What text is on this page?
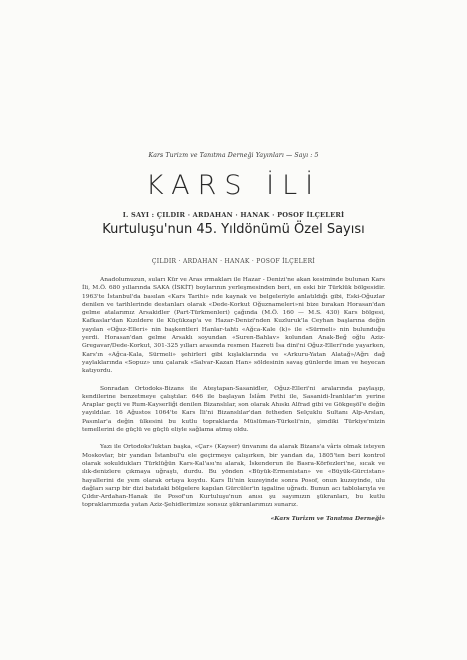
Kars Turizm ve Tanıtma Derneği Yayınları — Sayı : 5
KARS İLİ
I. SAYI : ÇILDIR · ARDAHAN · HANAK · POSOF İLÇELERİ
Kurtuluşu'nun 45. Yıldönümü Özel Sayısı
ÇILDIR · ARDAHAN · HANAK · POSOF İLÇELERİ

Anadolumuzun, suları Kür ve Aras ırmakları ile Hazar - Denizi'ne akan kesiminde bulunan Kars İli, M.Ö. 680 yıllarında SAKA (İSKİT) boylarının yerleşmesinden beri, en eski bir Türklük bölgesidir. 1963'te İstanbul'da basılan «Kars Tarihi» nde kaynak ve belgeleriyle anlatıldığı gibi, Eski-Oğuzlar denilen ve tarihlerinde destanları olarak «Dede-Korkut Oğuznameleri»ni bize bırakan Horasan'dan gelme atalarımız Arsakidler (Part-Türkmenleri) çağında (M.Ö. 160 — M.S. 430) Kars bölgesi, Kafkaslar'dan Kızıldere ile Küçükzap'a ve Hazar-Denizi'nden Kuzluruk'la Ceyhan başlarına değin yayılan «Oğuz-Elleri» nin başkentleri Hanlar-tahtı «Ağca-Kale (k)» ile «Sürmeli» nin bulunduğu yerdi. Horasan'dan gelme Arsaklı soyundan «Suren-Bahlav» kolundan Anak-Beğ oğlu Aziz-Gregavar/Dede-Korkut, 301-325 yılları arasında resmen Hazreti İsa dini'ni Oğuz-Elleri'nde yayarken, Kars'ın «Ağca-Kala, Sürmeli» şehirleri gibi kışlaklarında ve «Arkuru-Yatan Alatağ»/Ağrı dağ yaylaklarında «Sopuz» unu çalarak «Salvar-Kazan Han» söldesinin savaş günlerde iman ve heyecan katıyordu.

Sonradan Ortodoks-Bizans ile Ateştapan-Sasanidler, Oğuz-Elleri'ni aralarında paylaşıp, kendilerine benzetmeye çalıştılar. 646 ile başlayan İslâm Fethi ile, Sasanidi-İranlılar'ın yerine Araplar geçti ve Rum-Kayserliği denilen Bizanslılar, son olarak Ahıskı Alfrad gibi ve Gökgeşöl'e değin yayıldılar. 16 Ağustos 1064'te Kars İli'ni Bizanslılar'dan fetheden Selçuklu Sultanı Alp-Arslan, Pasınlar'a değin ülkesini bu kutlu topraklarda Müslüman-Türkeli'nin, şimdiki Türkiye'mizin temellerini de güçlü ve güçlü eliyle sağlama atmış oldu.

Yazı ile Ortodoks'luktan başka, «Çar» (Kayser) ünvanını da alarak Bizans'a vâris olmak isteyen Moskovlar, bir yandan İstanbul'u ele geçirmeye çalışırken, bir yandan da, 1805'ten beri kontrol olarak sokuldukları Türklüğün Kars-Kal'ası'nı alarak, İskenderun ile Basra-Körfezleri'ne, sıcak ve ılık-denizlere çıkmaya uğraştı, durdu. Bu yönden «Büyük-Ermenistan» ve «Büyük-Gürcistan» hayallerini de yem olarak ortaya koydu. Kars İli'nin kuzeyinde sonra Posof, onun kuzeyinde, ulu dağları sarıp bir dizi batıdaki bölgelere kapılan Gürcüler'in işgaline uğradı. Bunun acı tablolarıyla ve Çıldır-Ardahan-Hanak ile Posof'un Kurtuluşu'nun anısı şu sayımızın şükranları, bu kutlu topraklarımızda yatan Aziz-Şehidlerimize sonsuz şükranlarımızı sunarız.

«Kars Turizm ve Tanıtma Derneği»
